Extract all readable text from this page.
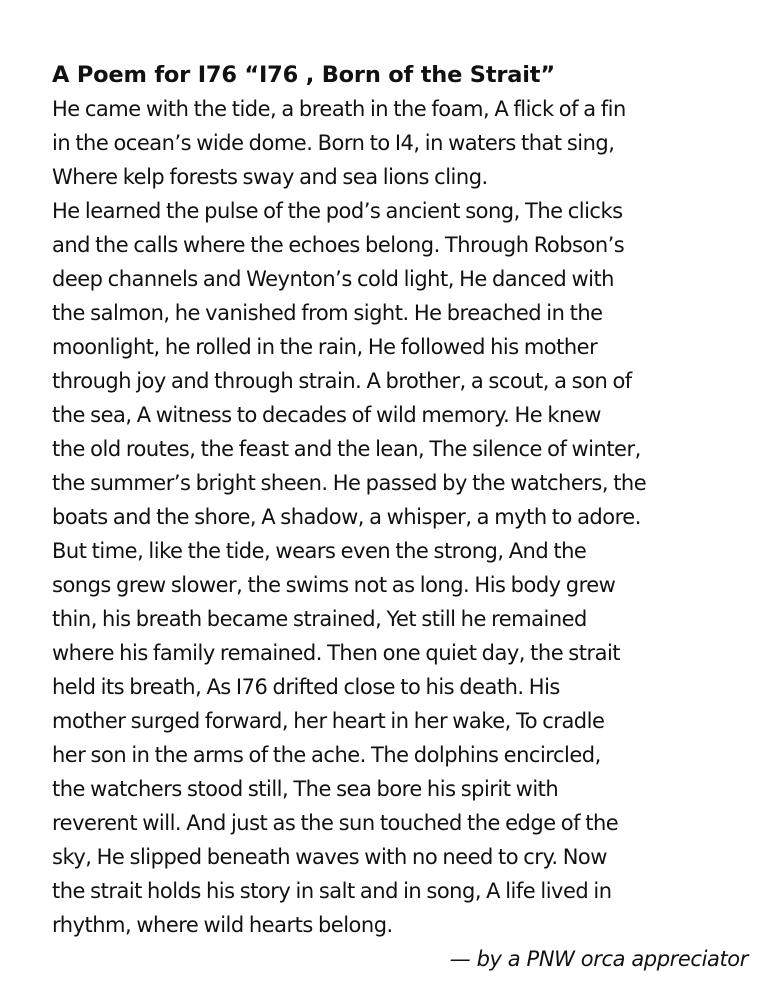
A Poem for I76 “I76 , Born of the Strait”
He came with the tide, a breath in the foam, A flick of a fin
in the ocean’s wide dome. Born to I4, in waters that sing,
Where kelp forests sway and sea lions cling.
He learned the pulse of the pod’s ancient song, The clicks
and the calls where the echoes belong. Through Robson’s
deep channels and Weynton’s cold light, He danced with
the salmon, he vanished from sight. He breached in the
moonlight, he rolled in the rain, He followed his mother
through joy and through strain. A brother, a scout, a son of
the sea, A witness to decades of wild memory. He knew
the old routes, the feast and the lean, The silence of winter,
the summer’s bright sheen. He passed by the watchers, the
boats and the shore, A shadow, a whisper, a myth to adore.
But time, like the tide, wears even the strong, And the
songs grew slower, the swims not as long. His body grew
thin, his breath became strained, Yet still he remained
where his family remained. Then one quiet day, the strait
held its breath, As I76 drifted close to his death. His
mother surged forward, her heart in her wake, To cradle
her son in the arms of the ache. The dolphins encircled,
the watchers stood still, The sea bore his spirit with
reverent will. And just as the sun touched the edge of the
sky, He slipped beneath waves with no need to cry. Now
the strait holds his story in salt and in song, A life lived in
rhythm, where wild hearts belong.
— by a PNW orca appreciator
